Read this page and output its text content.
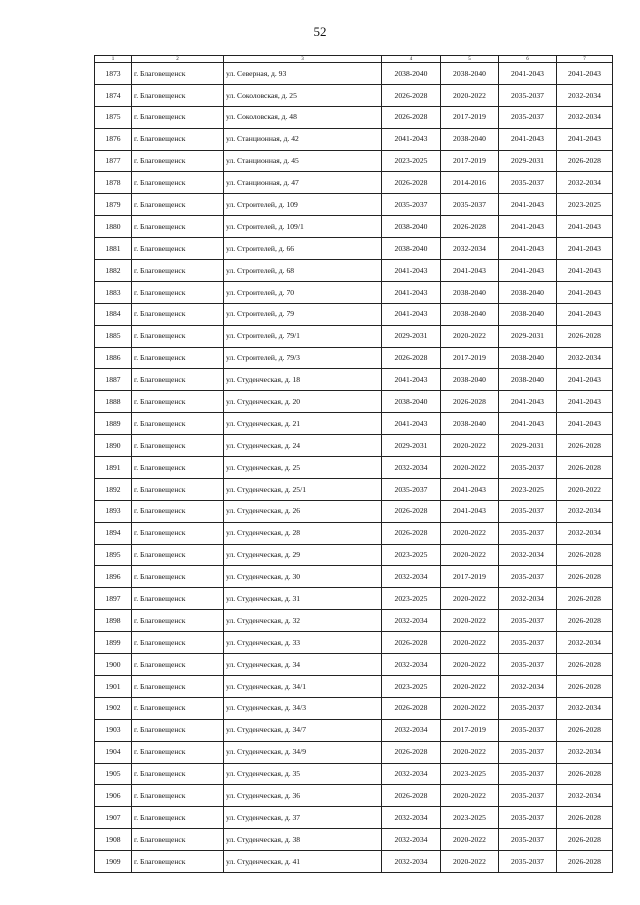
52
1	2	3	4	5	6	7
1873	г. Благовещенск	ул. Северная, д. 93	2038-2040	2038-2040	2041-2043	2041-2043
1874	г. Благовещенск	ул. Соколовская, д. 25	2026-2028	2020-2022	2035-2037	2032-2034
1875	г. Благовещенск	ул. Соколовская, д. 48	2026-2028	2017-2019	2035-2037	2032-2034
1876	г. Благовещенск	ул. Станционная, д. 42	2041-2043	2038-2040	2041-2043	2041-2043
1877	г. Благовещенск	ул. Станционная, д. 45	2023-2025	2017-2019	2029-2031	2026-2028
1878	г. Благовещенск	ул. Станционная, д. 47	2026-2028	2014-2016	2035-2037	2032-2034
1879	г. Благовещенск	ул. Строителей, д. 109	2035-2037	2035-2037	2041-2043	2023-2025
1880	г. Благовещенск	ул. Строителей, д. 109/1	2038-2040	2026-2028	2041-2043	2041-2043
1881	г. Благовещенск	ул. Строителей, д. 66	2038-2040	2032-2034	2041-2043	2041-2043
1882	г. Благовещенск	ул. Строителей, д. 68	2041-2043	2041-2043	2041-2043	2041-2043
1883	г. Благовещенск	ул. Строителей, д. 70	2041-2043	2038-2040	2038-2040	2041-2043
1884	г. Благовещенск	ул. Строителей, д. 79	2041-2043	2038-2040	2038-2040	2041-2043
1885	г. Благовещенск	ул. Строителей, д. 79/1	2029-2031	2020-2022	2029-2031	2026-2028
1886	г. Благовещенск	ул. Строителей, д. 79/3	2026-2028	2017-2019	2038-2040	2032-2034
1887	г. Благовещенск	ул. Студенческая, д. 18	2041-2043	2038-2040	2038-2040	2041-2043
1888	г. Благовещенск	ул. Студенческая, д. 20	2038-2040	2026-2028	2041-2043	2041-2043
1889	г. Благовещенск	ул. Студенческая, д. 21	2041-2043	2038-2040	2041-2043	2041-2043
1890	г. Благовещенск	ул. Студенческая, д. 24	2029-2031	2020-2022	2029-2031	2026-2028
1891	г. Благовещенск	ул. Студенческая, д. 25	2032-2034	2020-2022	2035-2037	2026-2028
1892	г. Благовещенск	ул. Студенческая, д. 25/1	2035-2037	2041-2043	2023-2025	2020-2022
1893	г. Благовещенск	ул. Студенческая, д. 26	2026-2028	2041-2043	2035-2037	2032-2034
1894	г. Благовещенск	ул. Студенческая, д. 28	2026-2028	2020-2022	2035-2037	2032-2034
1895	г. Благовещенск	ул. Студенческая, д. 29	2023-2025	2020-2022	2032-2034	2026-2028
1896	г. Благовещенск	ул. Студенческая, д. 30	2032-2034	2017-2019	2035-2037	2026-2028
1897	г. Благовещенск	ул. Студенческая, д. 31	2023-2025	2020-2022	2032-2034	2026-2028
1898	г. Благовещенск	ул. Студенческая, д. 32	2032-2034	2020-2022	2035-2037	2026-2028
1899	г. Благовещенск	ул. Студенческая, д. 33	2026-2028	2020-2022	2035-2037	2032-2034
1900	г. Благовещенск	ул. Студенческая, д. 34	2032-2034	2020-2022	2035-2037	2026-2028
1901	г. Благовещенск	ул. Студенческая, д. 34/1	2023-2025	2020-2022	2032-2034	2026-2028
1902	г. Благовещенск	ул. Студенческая, д. 34/3	2026-2028	2020-2022	2035-2037	2032-2034
1903	г. Благовещенск	ул. Студенческая, д. 34/7	2032-2034	2017-2019	2035-2037	2026-2028
1904	г. Благовещенск	ул. Студенческая, д. 34/9	2026-2028	2020-2022	2035-2037	2032-2034
1905	г. Благовещенск	ул. Студенческая, д. 35	2032-2034	2023-2025	2035-2037	2026-2028
1906	г. Благовещенск	ул. Студенческая, д. 36	2026-2028	2020-2022	2035-2037	2032-2034
1907	г. Благовещенск	ул. Студенческая, д. 37	2032-2034	2023-2025	2035-2037	2026-2028
1908	г. Благовещенск	ул. Студенческая, д. 38	2032-2034	2020-2022	2035-2037	2026-2028
1909	г. Благовещенск	ул. Студенческая, д. 41	2032-2034	2020-2022	2035-2037	2026-2028
